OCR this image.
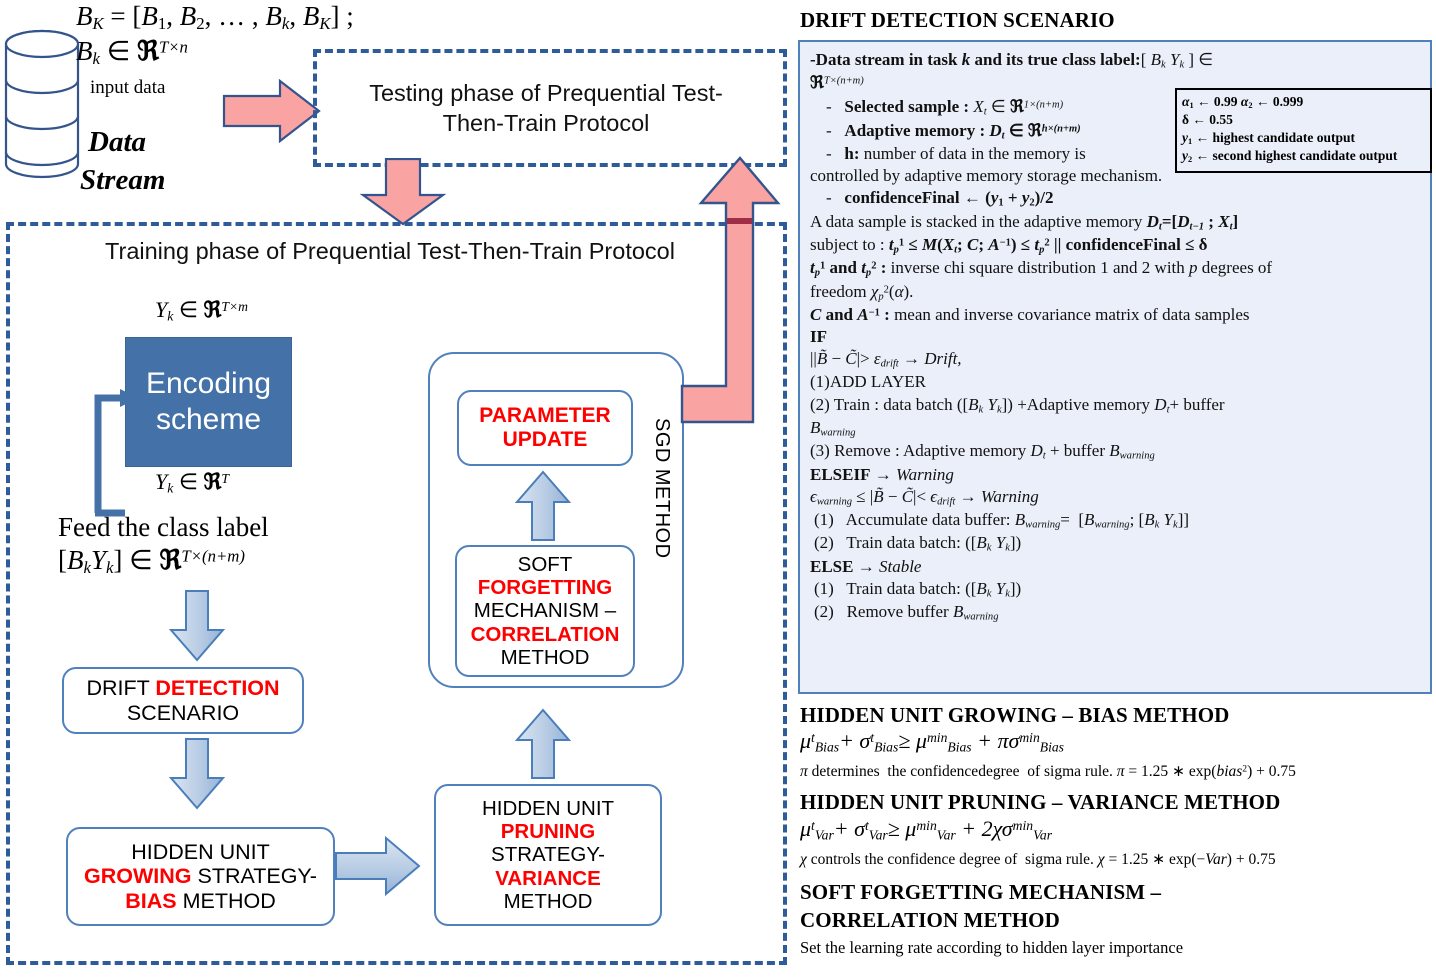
$B_K = [B_1$, $B_2$, … , $B_k$, $B_K$] ;
$B_k$ ∈ ℜ$^{T\times n}$
input data
Data
Stream
Testing phase of Prequential Test-
Then-Train Protocol
Training phase of Prequential Test-Then-Train Protocol
$Y_k$ ∈ ℜ$^{T\times m}$
Encoding
scheme
$Y_k$ ∈ ℜ$^T$
Feed the class label
$[B_kY_k]$ ∈ ℜ$^{T\times(n+m)}$
DRIFT DETECTION
SCENARIO
HIDDEN UNIT
GROWING STRATEGY-
BIAS METHOD
SGD METHOD
PARAMETER
UPDATE
SOFT
FORGETTING
MECHANISM –
CORRELATION
METHOD
HIDDEN UNIT
PRUNING
STRATEGY-
VARIANCE
METHOD
DRIFT DETECTION SCENARIO
-Data stream in task k and its true class label:[ $B_k$ $Y_k$ ] ∈
ℜ$^{T\times(n+m)}$
-   Selected sample : $X_t$ ∈ ℜ$^{1\times(n+m)}$
-   Adaptive memory : $D_t$ ∈ ℜ$^{h\times(n+m)}$
-   h: number of data in the memory is
controlled by adaptive memory storage mechanism.
-   confidenceFinal ← $(y_1 + y_2)/2$
A data sample is stacked in the adaptive memory $D_t=[D_{t-1}$ ; $X_t$]
subject to : $t_p^1 \le M(X_t$; C; $A^{-1}) \le t_p^2$ || confidenceFinal ≤ δ
$t_p^1$ and $t_p^2$ : inverse chi square distribution 1 and 2 with p degrees of
freedom $\chi_p^2(\alpha)$.
C and $A^{-1}$ : mean and inverse covariance matrix of data samples
IF
||B̃ − C̃|> $\varepsilon_{drift}$ → Drift,
(1)ADD LAYER
(2) Train : data batch ([$B_k$ $Y_k$]) +Adaptive memory $D_t+$ buffer
$B_{warning}$
(3) Remove : Adaptive memory $D_t$ + buffer $B_{warning}$
ELSEIF → Warning
$\epsilon_{warning}$ ≤ |B̃ − C̃|< $\epsilon_{drift}$ → Warning
(1)   Accumulate data buffer: $B_{warning}= [B_{warning}$; [$B_k$ $Y_k$]]
(2)   Train data batch: ([$B_k$ $Y_k$])
ELSE → Stable
(1)   Train data batch: ([$B_k$ $Y_k$])
(2)   Remove buffer $B_{warning}$
$\alpha_1$ ← 0.99 $\alpha_2$ ← 0.999
δ ← 0.55
$y_1$ ← highest candidate output
$y_2$ ← second highest candidate output
HIDDEN UNIT GROWING – BIAS METHOD
$\mu^t_{Bias}+ \sigma^t_{Bias}\ge \mu^{min}_{Bias} + \pi\sigma^{min}_{Bias}$
π determines  the confidencedegree  of sigma rule. π = 1.25 ∗ exp(bias$^2$) + 0.75
HIDDEN UNIT PRUNING – VARIANCE METHOD
$\mu^t_{Var}+ \sigma^t_{Var}\ge \mu^{min}_{Var} + 2\chi\sigma^{min}_{Var}$
χ controls the confidence degree of  sigma rule. χ = 1.25 ∗ exp(−Var) + 0.75
SOFT FORGETTING MECHANISM –
CORRELATION METHOD
Set the learning rate according to hidden layer importance
